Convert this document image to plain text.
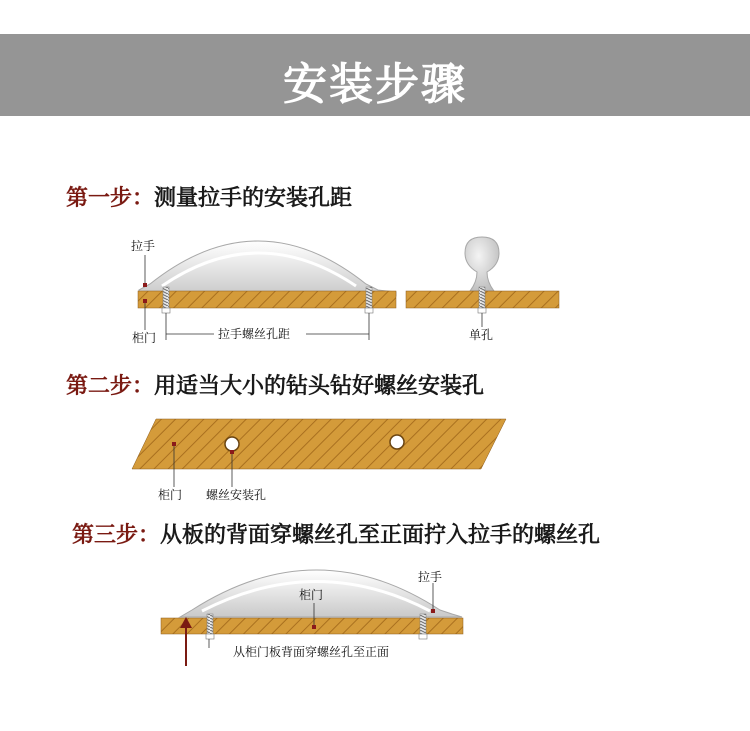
安装步骤
第一步：测量拉手的安装孔距
第二步：用适当大小的钻头钻好螺丝安装孔
第三步：从板的背面穿螺丝孔至正面拧入拉手的螺丝孔
拉手
柜门	拉手螺丝孔距	单孔
柜门 螺丝安装孔
柜门
拉手
从柜门板背面穿螺丝孔至正面
